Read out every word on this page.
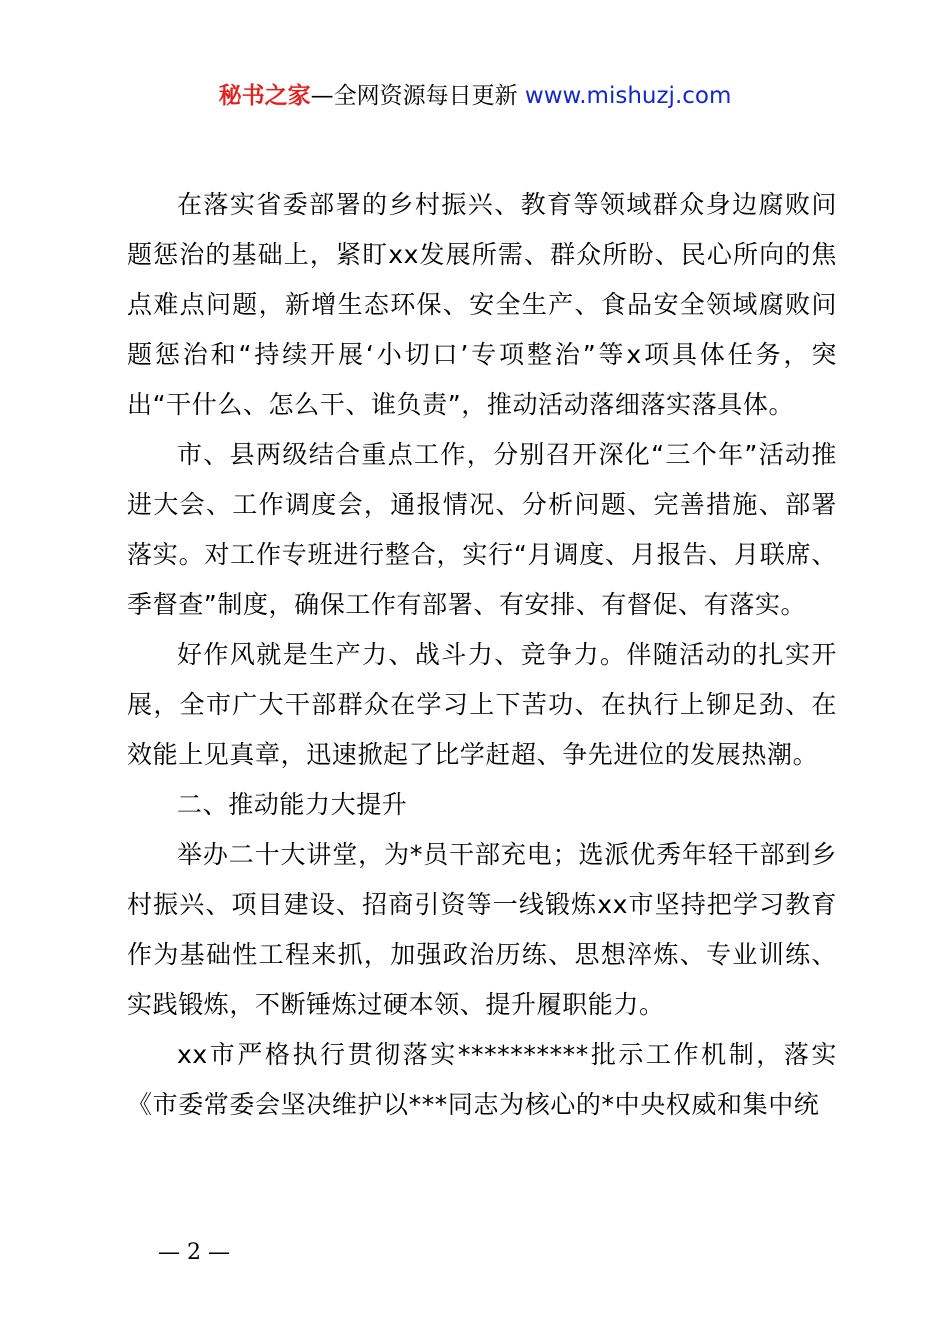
秘书之家—全网资源每日更新 www.mishuzj.com

在落实省委部署的乡村振兴、教育等领域群众身边腐败问题惩治的基础上，紧盯xx发展所需、群众所盼、民心所向的焦点难点问题，新增生态环保、安全生产、食品安全领域腐败问题惩治和“持续开展‘小切口’专项整治”等x项具体任务，突出“干什么、怎么干、谁负责”，推动活动落细落实落具体。

市、县两级结合重点工作，分别召开深化“三个年”活动推进大会、工作调度会，通报情况、分析问题、完善措施、部署落实。对工作专班进行整合，实行“月调度、月报告、月联席、季督查”制度，确保工作有部署、有安排、有督促、有落实。

好作风就是生产力、战斗力、竞争力。伴随活动的扎实开展，全市广大干部群众在学习上下苦功、在执行上铆足劲、在效能上见真章，迅速掀起了比学赶超、争先进位的发展热潮。

二、推动能力大提升

举办二十大讲堂，为*员干部充电；选派优秀年轻干部到乡村振兴、项目建设、招商引资等一线锻炼xx市坚持把学习教育作为基础性工程来抓，加强政治历练、思想淬炼、专业训练、实践锻炼，不断锤炼过硬本领、提升履职能力。

xx市严格执行贯彻落实**********批示工作机制，落实《市委常委会坚决维护以***同志为核心的*中央权威和集中统

— 2 —
